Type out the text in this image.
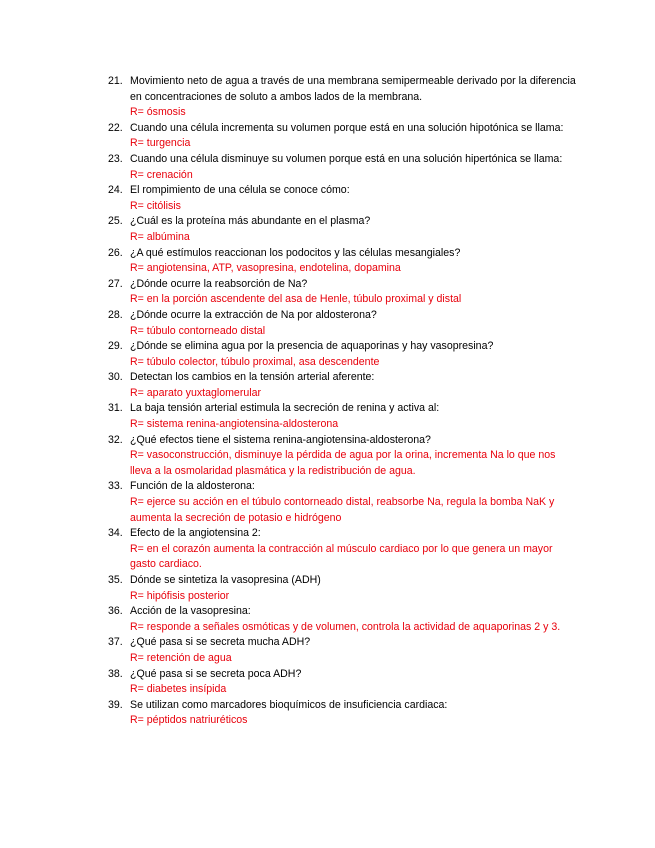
21. Movimiento neto de agua a través de una membrana semipermeable derivado por la diferencia en concentraciones de soluto a ambos lados de la membrana.
R= ósmosis
22. Cuando una célula incrementa su volumen porque está en una solución hipotónica se llama:
R= turgencia
23. Cuando una célula disminuye su volumen porque está en una solución hipertónica se llama:
R= crenación
24. El rompimiento de una célula se conoce cómo:
R= citólisis
25. ¿Cuál es la proteína más abundante en el plasma?
R= albúmina
26. ¿A qué estímulos reaccionan los podocitos y las células mesangiales?
R= angiotensina, ATP, vasopresina, endotelina, dopamina
27. ¿Dónde ocurre la reabsorción de Na?
R= en la porción ascendente del asa de Henle, túbulo proximal y distal
28. ¿Dónde ocurre la extracción de Na por aldosterona?
R= túbulo contorneado distal
29. ¿Dónde se elimina agua por la presencia de aquaporinas y hay vasopresina?
R= túbulo colector, túbulo proximal, asa descendente
30. Detectan los cambios en la tensión arterial aferente:
R= aparato yuxtaglomerular
31. La baja tensión arterial estimula la secreción de renina y activa al:
R= sistema renina-angiotensina-aldosterona
32. ¿Qué efectos tiene el sistema renina-angiotensina-aldosterona?
R= vasoconstrucción, disminuye la pérdida de agua por la orina, incrementa Na lo que nos lleva a la osmolaridad plasmática y la redistribución de agua.
33. Función de la aldosterona:
R= ejerce su acción en el túbulo contorneado distal, reabsorbe Na, regula la bomba NaK y aumenta la secreción de potasio e hidrógeno
34. Efecto de la angiotensina 2:
R= en el corazón aumenta la contracción al músculo cardiaco por lo que genera un mayor gasto cardiaco.
35. Dónde se sintetiza la vasopresina (ADH)
R= hipófisis posterior
36. Acción de la vasopresina:
R= responde a señales osmóticas y de volumen, controla la actividad de aquaporinas 2 y 3.
37. ¿Qué pasa si se secreta mucha ADH?
R= retención de agua
38. ¿Qué pasa si se secreta poca ADH?
R= diabetes insípida
39. Se utilizan como marcadores bioquímicos de insuficiencia cardiaca:
R= péptidos natriuréticos
